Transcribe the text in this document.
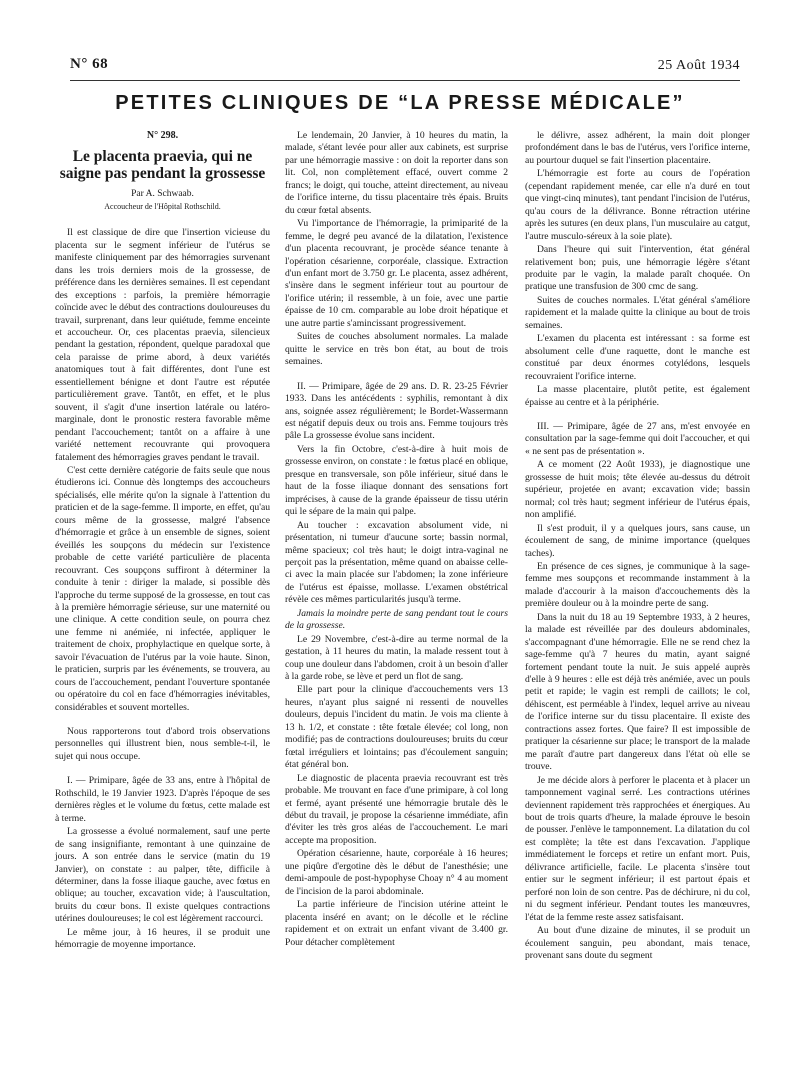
N° 68	25 Août 1934
PETITES CLINIQUES DE “LA PRESSE MÉDICALE”
N° 298.
Le placenta praevia, qui ne saigne pas pendant la grossesse
Par A. Schwaab.
Accoucheur de l'Hôpital Rothschild.

Il est classique de dire que l'insertion vicieuse du placenta sur le segment inférieur de l'utérus se manifeste cliniquement par des hémorragies survenant dans les trois derniers mois de la grossesse, de préférence dans les dernières semaines. Il est cependant des exceptions : parfois, la première hémorragie coïncide avec le début des contractions douloureuses du travail, surprenant, dans leur quiétude, femme enceinte et accoucheur. Or, ces placentas praevia, silencieux pendant la gestation, répondent, quelque paradoxal que cela paraisse de prime abord, à deux variétés anatomiques tout à fait différentes, dont l'une est essentiellement bénigne et dont l'autre est réputée particulièrement grave. Tantôt, en effet, et le plus souvent, il s'agit d'une insertion latérale ou latéro-marginale, dont le pronostic restera favorable même pendant l'accouchement; tantôt on a affaire à une variété nettement recouvrante qui provoquera fatalement des hémorragies graves pendant le travail.

C'est cette dernière catégorie de faits seule que nous étudierons ici. Connue dès longtemps des accoucheurs spécialisés, elle mérite qu'on la signale à l'attention du praticien et de la sage-femme. Il importe, en effet, qu'au cours même de la grossesse, malgré l'absence d'hémorragie et grâce à un ensemble de signes, soient éveillés les soupçons du médecin sur l'existence probable de cette variété particulière de placenta recouvrant. Ces soupçons suffiront à déterminer la conduite à tenir : diriger la malade, si possible dès l'approche du terme supposé de la grossesse, en tout cas à la première hémorragie sérieuse, sur une maternité ou une clinique. A cette condition seule, on pourra chez une femme ni anémiée, ni infectée, appliquer le traitement de choix, prophylactique en quelque sorte, à savoir l'évacuation de l'utérus par la voie haute. Sinon, le praticien, surpris par les événements, se trouvera, au cours de l'accouchement, pendant l'ouverture spontanée ou opératoire du col en face d'hémorragies inévitables, considérables et souvent mortelles.

Nous rapporterons tout d'abord trois observations personnelles qui illustrent bien, nous semble-t-il, le sujet qui nous occupe.

I. — Primipare, âgée de 33 ans, entre à l'hôpital de Rothschild, le 19 Janvier 1923. D'après l'époque de ses dernières règles et le volume du fœtus, cette malade est à terme.

La grossesse a évolué normalement, sauf une perte de sang insignifiante, remontant à une quinzaine de jours. A son entrée dans le service (matin du 19 Janvier), on constate : au palper, tête, difficile à déterminer, dans la fosse iliaque gauche, avec fœtus en oblique; au toucher, excavation vide; à l'auscultation, bruits du cœur bons. Il existe quelques contractions utérines douloureuses; le col est légèrement raccourci.

Le même jour, à 16 heures, il se produit une hémorragie de moyenne importance.

Le lendemain, 20 Janvier, à 10 heures du matin, la malade, s'étant levée pour aller aux cabinets, est surprise par une hémorragie massive : on doit la reporter dans son lit. Col, non complètement effacé, ouvert comme 2 francs; le doigt, qui touche, atteint directement, au niveau de l'orifice interne, du tissu placentaire très épais. Bruits du cœur fœtal absents.

Vu l'importance de l'hémorragie, la primiparité de la femme, le degré peu avancé de la dilatation, l'existence d'un placenta recouvrant, je procède séance tenante à l'opération césarienne, corporéale, classique. Extraction d'un enfant mort de 3.750 gr. Le placenta, assez adhérent, s'insère dans le segment inférieur tout au pourtour de l'orifice utérin; il ressemble, à un foie, avec une partie épaisse de 10 cm. comparable au lobe droit hépatique et une autre partie s'amincissant progressivement.

Suites de couches absolument normales. La malade quitte le service en très bon état, au bout de trois semaines.

II. — Primipare, âgée de 29 ans. D. R. 23-25 Février 1933. Dans les antécédents : syphilis, remontant à dix ans, soignée assez régulièrement; le Bordet-Wassermann est négatif depuis deux ou trois ans. Femme toujours très pâle La grossesse évolue sans incident.

Vers la fin Octobre, c'est-à-dire à huit mois de grossesse environ, on constate : le fœtus placé en oblique, presque en transversale, son pôle inférieur, situé dans le haut de la fosse iliaque donnant des sensations fort imprécises, à cause de la grande épaisseur de tissu utérin qui le sépare de la main qui palpe.

Au toucher : excavation absolument vide, ni présentation, ni tumeur d'aucune sorte; bassin normal, même spacieux; col très haut; le doigt intra-vaginal ne perçoit pas la présentation, même quand on abaisse celle-ci avec la main placée sur l'abdomen; la zone inférieure de l'utérus est épaisse, mollasse. L'examen obstétrical révèle ces mêmes particularités jusqu'à terme.

Jamais la moindre perte de sang pendant tout le cours de la grossesse.

Le 29 Novembre, c'est-à-dire au terme normal de la gestation, à 11 heures du matin, la malade ressent tout à coup une douleur dans l'abdomen, croit à un besoin d'aller à la garde robe, se lève et perd un flot de sang.

Elle part pour la clinique d'accouchements vers 13 heures, n'ayant plus saigné ni ressenti de nouvelles douleurs, depuis l'incident du matin. Je vois ma cliente à 13 h. 1/2, et constate : tête fœtale élevée; col long, non modifié; pas de contractions douloureuses; bruits du cœur fœtal irréguliers et lointains; pas d'écoulement sanguin; état général bon.

Le diagnostic de placenta praevia recouvrant est très probable. Me trouvant en face d'une primipare, à col long et fermé, ayant présenté une hémorragie brutale dès le début du travail, je propose la césarienne immédiate, afin d'éviter les très gros aléas de l'accouchement. Le mari accepte ma proposition.

Opération césarienne, haute, corporéale à 16 heures; une piqûre d'ergotine dès le début de l'anesthésie; une demi-ampoule de post-hypophyse Choay n° 4 au moment de l'incision de la paroi abdominale.

La partie inférieure de l'incision utérine atteint le placenta inséré en avant; on le décolle et le récline rapidement et on extrait un enfant vivant de 3.400 gr. Pour détacher complètement

le délivre, assez adhérent, la main doit plonger profondément dans le bas de l'utérus, vers l'orifice interne, au pourtour duquel se fait l'insertion placentaire.

L'hémorragie est forte au cours de l'opération (cependant rapidement menée, car elle n'a duré en tout que vingt-cinq minutes), tant pendant l'incision de l'utérus, qu'au cours de la délivrance. Bonne rétraction utérine après les sutures (en deux plans, l'un musculaire au catgut, l'autre musculo-séreux à la soie plate).

Dans l'heure qui suit l'intervention, état général relativement bon; puis, une hémorragie légère s'étant produite par le vagin, la malade paraît choquée. On pratique une transfusion de 300 cmc de sang.

Suites de couches normales. L'état général s'améliore rapidement et la malade quitte la clinique au bout de trois semaines.

L'examen du placenta est intéressant : sa forme est absolument celle d'une raquette, dont le manche est constitué par deux énormes cotylédons, lesquels recouvraient l'orifice interne.

La masse placentaire, plutôt petite, est également épaisse au centre et à la périphérie.

III. — Primipare, âgée de 27 ans, m'est envoyée en consultation par la sage-femme qui doit l'accoucher, et qui « ne sent pas de présentation ».

A ce moment (22 Août 1933), je diagnostique une grossesse de huit mois; tête élevée au-dessus du détroit supérieur, projetée en avant; excavation vide; bassin normal; col très haut; segment inférieur de l'utérus épais, non amplifié.

Il s'est produit, il y a quelques jours, sans cause, un écoulement de sang, de minime importance (quelques taches).

En présence de ces signes, je communique à la sage-femme mes soupçons et recommande instamment à la malade d'accourir à la maison d'accouchements dès la première douleur ou à la moindre perte de sang.

Dans la nuit du 18 au 19 Septembre 1933, à 2 heures, la malade est réveillée par des douleurs abdominales, s'accompagnant d'une hémorragie. Elle ne se rend chez la sage-femme qu'à 7 heures du matin, ayant saigné fortement pendant toute la nuit. Je suis appelé auprès d'elle à 9 heures : elle est déjà très anémiée, avec un pouls petit et rapide; le vagin est rempli de caillots; le col, déhiscent, est perméable à l'index, lequel arrive au niveau de l'orifice interne sur du tissu placentaire. Il existe des contractions assez fortes. Que faire? Il est impossible de pratiquer la césarienne sur place; le transport de la malade me paraît d'autre part dangereux dans l'état où elle se trouve.

Je me décide alors à perforer le placenta et à placer un tamponnement vaginal serré. Les contractions utérines deviennent rapidement très rapprochées et énergiques. Au bout de trois quarts d'heure, la malade éprouve le besoin de pousser. J'enlève le tamponnement. La dilatation du col est complète; la tête est dans l'excavation. J'applique immédiatement le forceps et retire un enfant mort. Puis, délivrance artificielle, facile. Le placenta s'insère tout entier sur le segment inférieur; il est partout épais et perforé non loin de son centre. Pas de déchirure, ni du col, ni du segment inférieur. Pendant toutes les manœuvres, l'état de la femme reste assez satisfaisant.

Au bout d'une dizaine de minutes, il se produit un écoulement sanguin, peu abondant, mais tenace, provenant sans doute du segment
